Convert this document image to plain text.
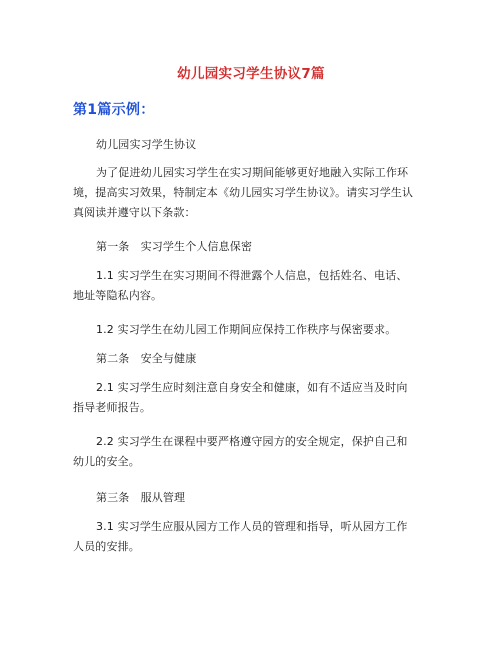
幼儿园实习学生协议7篇
第1篇示例：

幼儿园实习学生协议

为了促进幼儿园实习学生在实习期间能够更好地融入实际工作环
境，提高实习效果，特制定本《幼儿园实习学生协议》。请实习学生认
真阅读并遵守以下条款：

第一条　实习学生个人信息保密

1.1 实习学生在实习期间不得泄露个人信息，包括姓名、电话、
地址等隐私内容。

1.2 实习学生在幼儿园工作期间应保持工作秩序与保密要求。

第二条　安全与健康

2.1 实习学生应时刻注意自身安全和健康，如有不适应当及时向
指导老师报告。

2.2 实习学生在课程中要严格遵守园方的安全规定，保护自己和
幼儿的安全。

第三条　服从管理

3.1 实习学生应服从园方工作人员的管理和指导，听从园方工作
人员的安排。
